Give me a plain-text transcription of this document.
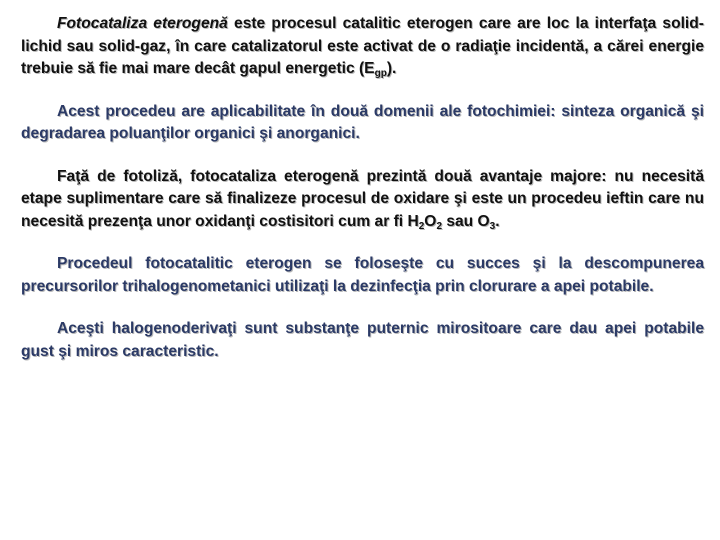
Fotocataliza eterogenă este procesul catalitic eterogen care are loc la interfaţa solid-lichid sau solid-gaz, în care catalizatorul este activat de o radiaţie incidentă, a cărei energie trebuie să fie mai mare decât gapul energetic $(E_{gp})$.

Acest procedeu are aplicabilitate în două domenii ale fotochimiei: sinteza organică şi degradarea poluanţilor organici şi anorganici.

Faţă de fotoliză, fotocataliza eterogenă prezintă două avantaje majore: nu necesită etape suplimentare care să finalizeze procesul de oxidare şi este un procedeu ieftin care nu necesită prezenţa unor oxidanţi costisitori cum ar fi $H_2O_2$ sau $O_3$.

Procedeul fotocatalitic eterogen se foloseşte cu succes şi la descompunerea precursorilor trihalogenometanici utilizaţi la dezinfecţia prin clorurare a apei potabile.

Aceşti halogenoderivaţi sunt substanţe puternic mirositoare care dau apei potabile gust şi miros caracteristic.
